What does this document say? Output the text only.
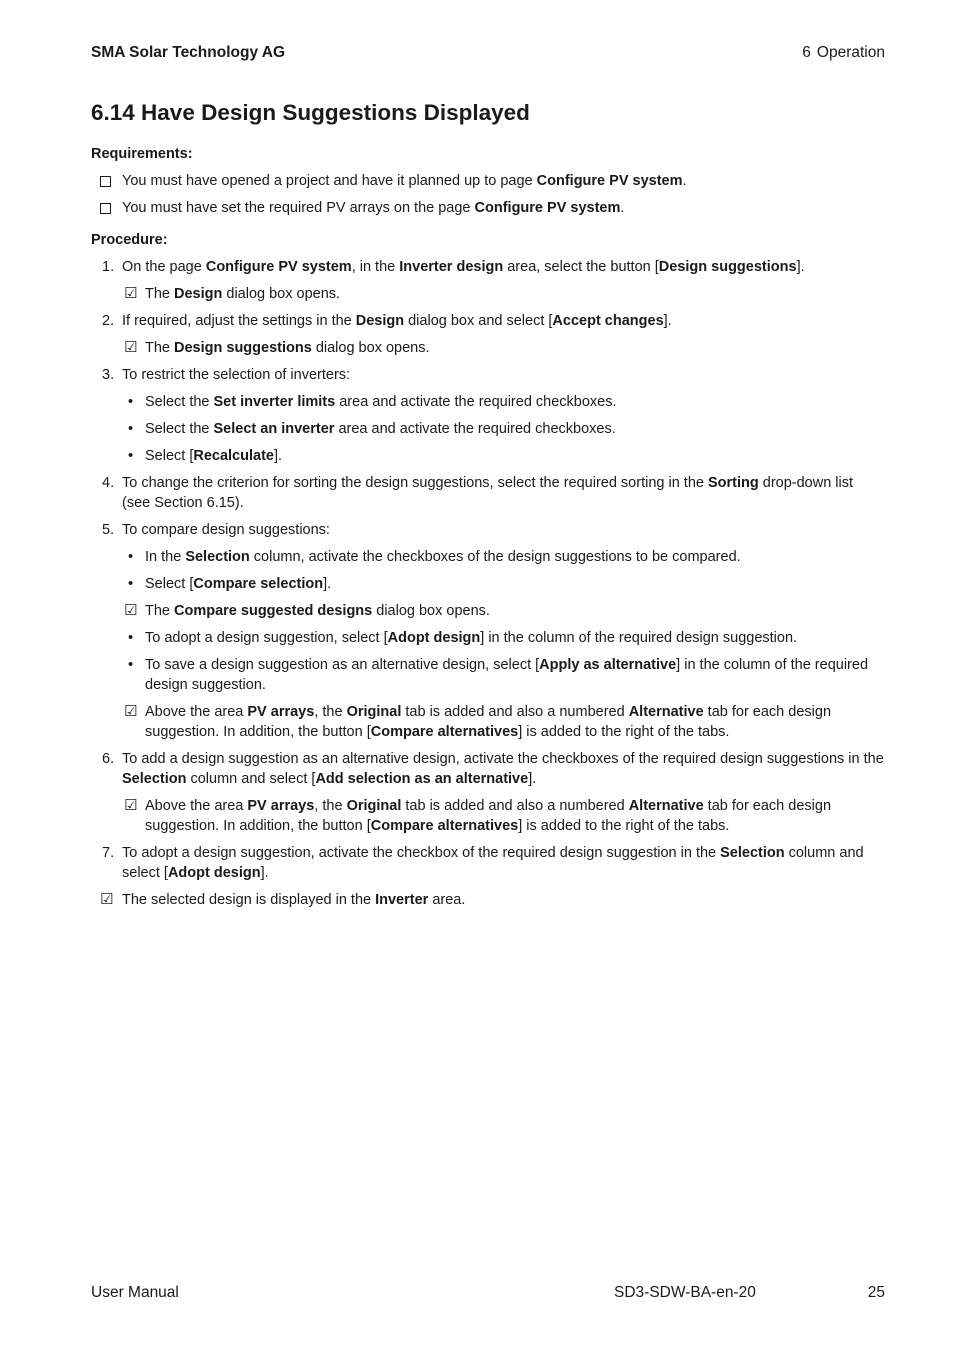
SMA Solar Technology AG	6 Operation
6.14 Have Design Suggestions Displayed

Requirements:

You must have opened a project and have it planned up to page Configure PV system.
You must have set the required PV arrays on the page Configure PV system.

Procedure:

1. On the page Configure PV system, in the Inverter design area, select the button [Design suggestions].
☑ The Design dialog box opens.
2. If required, adjust the settings in the Design dialog box and select [Accept changes].
☑ The Design suggestions dialog box opens.
3. To restrict the selection of inverters:
• Select the Set inverter limits area and activate the required checkboxes.
• Select the Select an inverter area and activate the required checkboxes.
• Select [Recalculate].
4. To change the criterion for sorting the design suggestions, select the required sorting in the Sorting drop-down list (see Section 6.15).
5. To compare design suggestions:
• In the Selection column, activate the checkboxes of the design suggestions to be compared.
• Select [Compare selection].
☑ The Compare suggested designs dialog box opens.
• To adopt a design suggestion, select [Adopt design] in the column of the required design suggestion.
• To save a design suggestion as an alternative design, select [Apply as alternative] in the column of the required design suggestion.
☑ Above the area PV arrays, the Original tab is added and also a numbered Alternative tab for each design suggestion. In addition, the button [Compare alternatives] is added to the right of the tabs.
6. To add a design suggestion as an alternative design, activate the checkboxes of the required design suggestions in the Selection column and select [Add selection as an alternative].
☑ Above the area PV arrays, the Original tab is added and also a numbered Alternative tab for each design suggestion. In addition, the button [Compare alternatives] is added to the right of the tabs.
7. To adopt a design suggestion, activate the checkbox of the required design suggestion in the Selection column and select [Adopt design].
☑ The selected design is displayed in the Inverter area.
User Manual	SD3-SDW-BA-en-20	25
